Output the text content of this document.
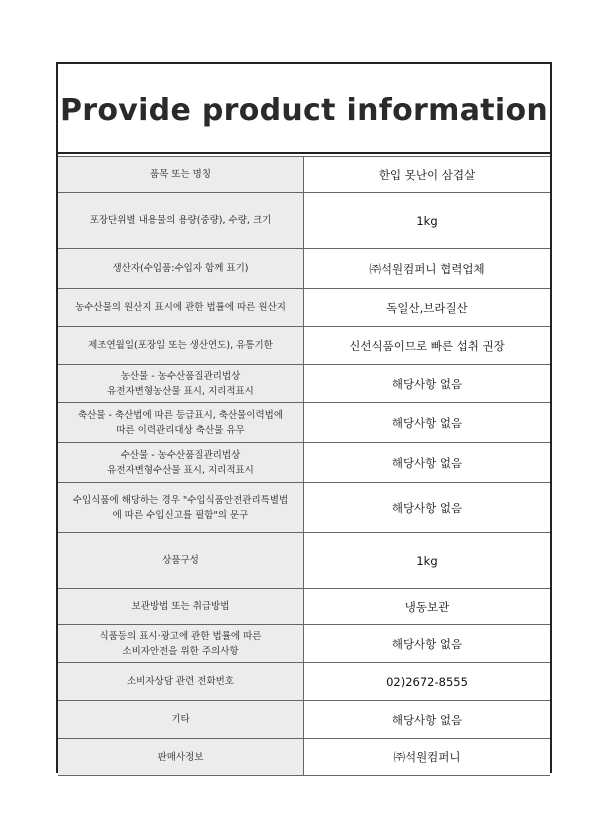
Provide product information
품목 또는 명칭	한입 못난이 삼겹살
포장단위별 내용물의 용량(중량), 수량, 크기	1kg
생산자(수입품:수입자 함께 표기)	㈜석원컴퍼니 협력업체
농수산물의 원산지 표시에 관한 법률에 따른 원산지	독일산,브라질산
제조연월일(포장일 또는 생산연도), 유통기한	신선식품이므로 빠른 섭취 권장

농산물 - 농수산품질관리법상
유전자변형농산물 표시, 지리적표시	해당사항 없음

축산물 - 축산법에 따른 등급표시, 축산물이력법에
따른 이력관리대상 축산물 유무	해당사항 없음

수산물 - 농수산품질관리법상
유전자변형수산물 표시, 지리적표시	해당사항 없음

수입식품에 해당하는 경우 "수입식품안전관리특별법
에 따른 수입신고를 필함"의 문구	해당사항 없음
상품구성	1kg
보관방법 또는 취급방법	냉동보관

식품등의 표시·광고에 관한 법률에 따른
소비자안전을 위한 주의사항	해당사항 없음
소비자상담 관련 전화번호	02)2672-8555
기타	해당사항 없음
판매사정보	㈜석원컴퍼니
